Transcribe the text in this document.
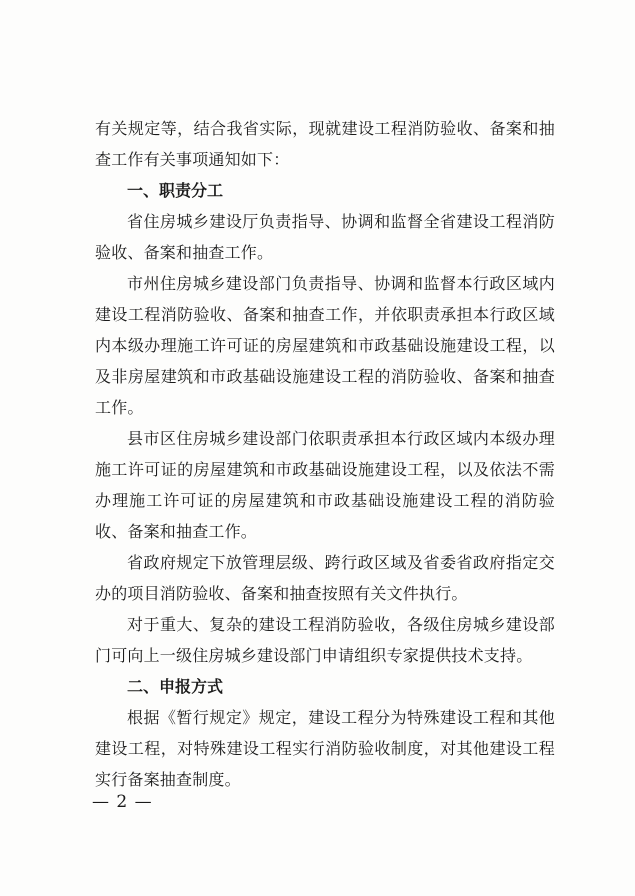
有关规定等，结合我省实际，现就建设工程消防验收、备案和抽查工作有关事项通知如下：

一、职责分工

省住房城乡建设厅负责指导、协调和监督全省建设工程消防验收、备案和抽查工作。

市州住房城乡建设部门负责指导、协调和监督本行政区域内建设工程消防验收、备案和抽查工作，并依职责承担本行政区域内本级办理施工许可证的房屋建筑和市政基础设施建设工程，以及非房屋建筑和市政基础设施建设工程的消防验收、备案和抽查工作。

县市区住房城乡建设部门依职责承担本行政区域内本级办理施工许可证的房屋建筑和市政基础设施建设工程，以及依法不需办理施工许可证的房屋建筑和市政基础设施建设工程的消防验收、备案和抽查工作。

省政府规定下放管理层级、跨行政区域及省委省政府指定交办的项目消防验收、备案和抽查按照有关文件执行。

对于重大、复杂的建设工程消防验收，各级住房城乡建设部门可向上一级住房城乡建设部门申请组织专家提供技术支持。

二、申报方式

根据《暂行规定》规定，建设工程分为特殊建设工程和其他建设工程，对特殊建设工程实行消防验收制度，对其他建设工程实行备案抽查制度。

— 2 —
